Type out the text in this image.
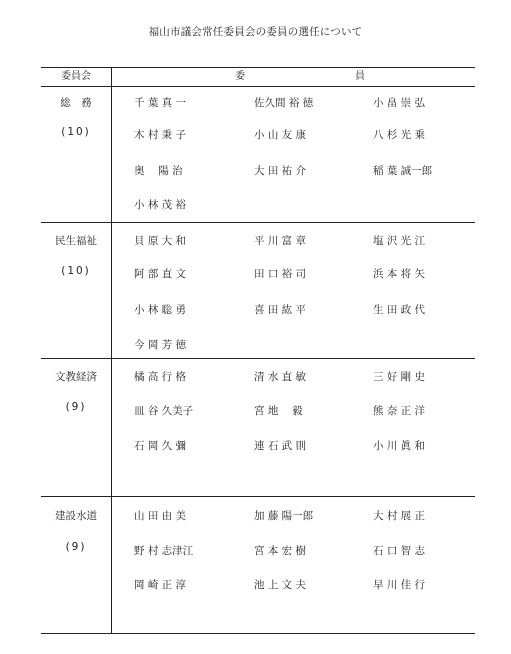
福山市議会常任委員会の委員の選任について
委員会	委	員
総　務
(10)
千 葉 真 一	佐久間 裕 徳	小 畠 崇 弘
木 村 秉 子	小 山 友 康	八 杉 光 乗
奥　 陽 治	大 田 祐 介	稲 葉 誠一郎
小 林 茂 裕
民生福祉
(10)
貝 原 大 和	平 川 富 章	塩 沢 光 江
阿 部 直 文	田 口 裕 司	浜 本 将 矢
小 林 聡 勇	喜 田 紘 平	生 田 政 代
今 岡 芳 徳
文教経済
(9)
橘 高 行 格	清 水 直 敏	三 好 剛 史
皿 谷 久美子	宮 地　 毅	熊 奈 正 洋
石 岡 久 彌	連 石 武 則	小 川 眞 和
建設水道
(9)
山 田 由 美	加 藤 陽一郎	大 村 展 正
野 村 志津江	宮 本 宏 樹	石 口 智 志
岡 崎 正 淳	池 上 文 夫	早 川 佳 行
